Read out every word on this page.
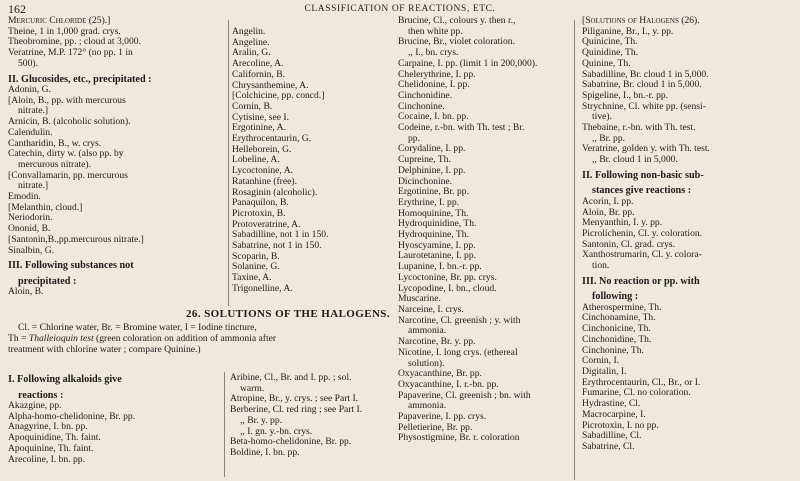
162	CLASSIFICATION OF REACTIONS, ETC.
Mercuric Chloride (25).]
Theine, 1 in 1,000 grad. crys.
Theobromine, pp. ; cloud at 3,000.
Veratrine, M.P. 172° (no pp. 1 in
500).
II. Glucosides, etc., precipitated :
Adonin, G.
[Aloin, B., pp. with mercurous
nitrate.]
Arnicin, B. (alcoholic solution).
Calendulin.
Cantharidin, B., w. crys.
Catechin, dirty w. (also pp. by
mercurous nitrate).
[Convallamarin, pp. mercurous
nitrate.]
Emodin.
[Melanthin, cloud.]
Neriodorin.
Ononid, B.
[Santonin,B.,pp.mercurous nitrate.]
Sinalbin, G.
III. Following substances not
precipitated :
Aloin, B.
Angelin.
Angeline.
Aralin, G.
Arecoline, A.
Californin, B.
Chrysanthemine, A.
[Colchicine, pp. concd.]
Cornin, B.
Cytisine, see I.
Ergotinine, A.
Erythrocentaurin, G.
Helleborein, G.
Lobeline, A.
Lycoctonine, A.
Ratanhine (free).
Rosaginin (alcoholic).
Panaquilon, B.
Picrotoxin, B.
Protoveratrine, A.
Sabadilline, not 1 in 150.
Sabatrine, not 1 in 150.
Scoparin, B.
Solanine, G.
Taxine, A.
Trigonelline, A.
26. SOLUTIONS OF THE HALOGENS.

Cl. = Chlorine water, Br. = Bromine water, I = Iodine tincture,

Th = Thalleioquin test (green coloration on addition of ammonia after
treatment with chlorine water ; compare Quinine.)
I. Following alkaloids give
reactions :
Akazgine, pp.
Alpha-homo-chelidonine, Br. pp.
Anagyrine, I. bn. pp.
Apoquinidine, Th. faint.
Apoquinine, Th. faint.
Arecoline, I. bn. pp.
Aribine, Cl., Br. and I. pp. ; sol.
warm.
Atropine, Br., y. crys. ; see Part I.
Berberine, Cl. red ring ; see Part I.
,, Br. y. pp.
,, I. gn. y.-bn. crys.
Beta-homo-chelidonine, Br. pp.
Boldine, I. bn. pp.
Brucine, Cl., colours y. then r.,
then white pp.
Brucine, Br., violet coloration.
,, I., bn. crys.
Carpaine, I. pp. (limit 1 in 200,000).
Chelerythrine, I. pp.
Chelidonine, I. pp.
Cinchonidine.
Cinchonine.
Cocaine, I. bn. pp.
Codeine, r.-bn. with Th. test ; Br.
pp.
Corydaline, I. pp.
Cupreine, Th.
Delphinine, I. pp.
Dicinchonine.
Ergotinine, Br. pp.
Erythrine, I. pp.
Homoquinine, Th.
Hydroquinidine, Th.
Hydroquinine, Th.
Hyoscyamine, I. pp.
Laurotetanine, I. pp.
Lupanine, I. bn.-r. pp.
Lycoctonine, Br. pp. crys.
Lycopodine, I. bn., cloud.
Muscarine.
Narceine, I. crys.
Narcotine, Cl. greenish ; y. with
ammonia.
Narcotine, Br. y. pp.
Nicotine, I. long crys. (ethereal
solution).
Oxyacanthine, Br. pp.
Oxyacanthine, I. r.-bn. pp.
Papaverine, Cl. greenish ; bn. with
ammonia.
Papaverine, I. pp. crys.
Pelletierine, Br. pp.
Physostigmine, Br. r. coloration
[Solutions of Halogens (26).
Piliganine, Br., I., y. pp.
Quinicine, Th.
Quinidine, Th.
Quinine, Th.
Sabadilline, Br. cloud 1 in 5,000.
Sabatrine, Br. cloud 1 in 5,000.
Spigeline, I., bn.-r. pp.
Strychnine, Cl. white pp. (sensi-
tive).
Thebaine, r.-bn. with Th. test.
,, Br. pp.
Veratrine, golden y. with Th. test.
,, Br. cloud 1 in 5,000.
II. Following non-basic sub-
stances give reactions :
Acorin, I. pp.
Aloin, Br. pp.
Menyanthin, I. y. pp.
Picrolichenin, Cl. y. coloration.
Santonin, Cl. grad. crys.
Xanthostrumarin, Cl. y. colora-
tion.
III. No reaction or pp. with
following :
Atherospermine, Th.
Cinchonamine, Th.
Cinchonicine, Th.
Cinchonidine, Th.
Cinchonine, Th.
Cornin, I.
Digitalin, I.
Erythrocentaurin, Cl., Br., or I.
Fumarine, Cl. no coloration.
Hydrastine, Cl.
Macrocarpine, I.
Picrotoxin, I. no pp.
Sabadilline, Cl.
Sabatrine, Cl.
